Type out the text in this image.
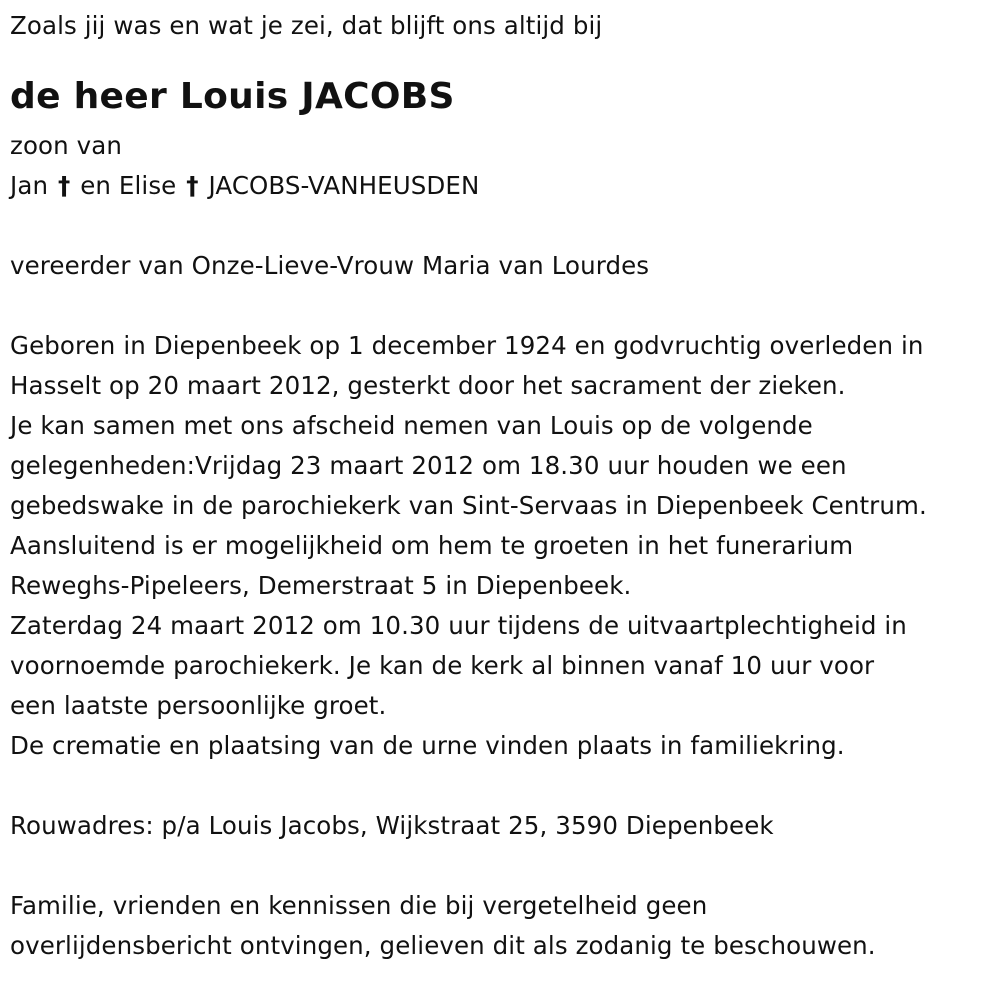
Zoals jij was en wat je zei, dat blijft ons altijd bij
de heer Louis JACOBS
zoon van
Jan † en Elise † JACOBS-VANHEUSDEN
vereerder van Onze-Lieve-Vrouw Maria van Lourdes
Geboren in Diepenbeek op 1 december 1924 en godvruchtig overleden in
Hasselt op 20 maart 2012, gesterkt door het sacrament der zieken.
Je kan samen met ons afscheid nemen van Louis op de volgende
gelegenheden:Vrijdag 23 maart 2012 om 18.30 uur houden we een
gebedswake in de parochiekerk van Sint-Servaas in Diepenbeek Centrum.
Aansluitend is er mogelijkheid om hem te groeten in het funerarium
Reweghs-Pipeleers, Demerstraat 5 in Diepenbeek.
Zaterdag 24 maart 2012 om 10.30 uur tijdens de uitvaartplechtigheid in
voornoemde parochiekerk. Je kan de kerk al binnen vanaf 10 uur voor
een laatste persoonlijke groet.
De crematie en plaatsing van de urne vinden plaats in familiekring.
Rouwadres: p/a Louis Jacobs, Wijkstraat 25, 3590 Diepenbeek
Familie, vrienden en kennissen die bij vergetelheid geen
overlijdensbericht ontvingen, gelieven dit als zodanig te beschouwen.
